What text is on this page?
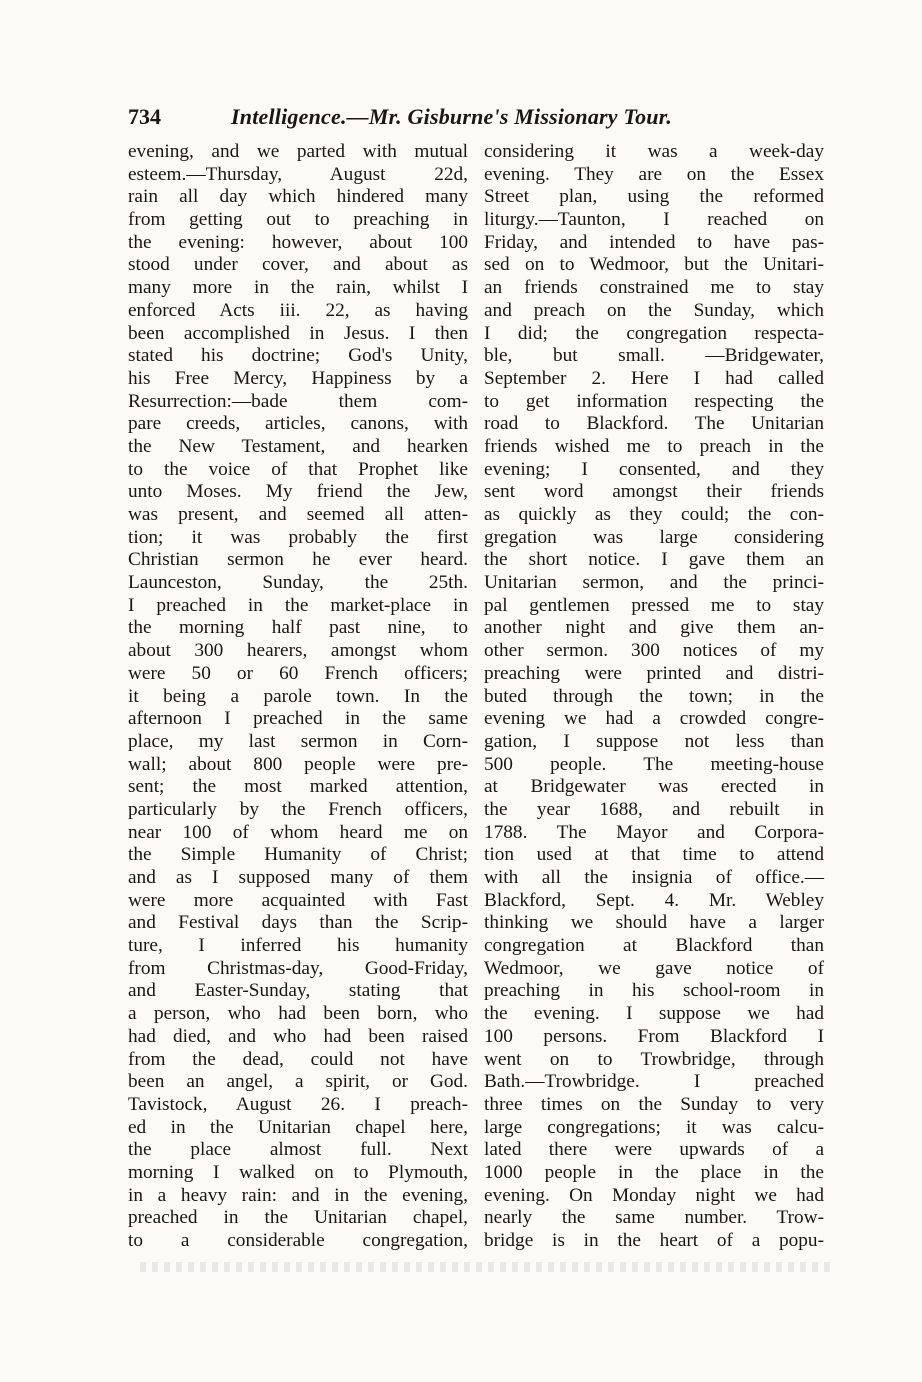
734	Intelligence.—Mr. Gisburne's Missionary Tour.
evening, and we parted with mutual
esteem.—Thursday, August 22d,
rain all day which hindered many
from getting out to preaching in
the evening: however, about 100
stood under cover, and about as
many more in the rain, whilst I
enforced Acts iii. 22, as having
been accomplished in Jesus. I then
stated his doctrine; God's Unity,
his Free Mercy, Happiness by a
Resurrection:—bade them com-
pare creeds, articles, canons, with
the New Testament, and hearken
to the voice of that Prophet like
unto Moses. My friend the Jew,
was present, and seemed all atten-
tion; it was probably the first
Christian sermon he ever heard.
Launceston, Sunday, the 25th.
I preached in the market-place in
the morning half past nine, to
about 300 hearers, amongst whom
were 50 or 60 French officers;
it being a parole town. In the
afternoon I preached in the same
place, my last sermon in Corn-
wall; about 800 people were pre-
sent; the most marked attention,
particularly by the French officers,
near 100 of whom heard me on
the Simple Humanity of Christ;
and as I supposed many of them
were more acquainted with Fast
and Festival days than the Scrip-
ture, I inferred his humanity
from Christmas-day, Good-Friday,
and Easter-Sunday, stating that
a person, who had been born, who
had died, and who had been raised
from the dead, could not have
been an angel, a spirit, or God.
Tavistock, August 26. I preach-
ed in the Unitarian chapel here,
the place almost full. Next
morning I walked on to Plymouth,
in a heavy rain: and in the evening,
preached in the Unitarian chapel,
to a considerable congregation,
considering it was a week-day
evening. They are on the Essex
Street plan, using the reformed
liturgy.—Taunton, I reached on
Friday, and intended to have pas-
sed on to Wedmoor, but the Unitari-
an friends constrained me to stay
and preach on the Sunday, which
I did; the congregation respecta-
ble, but small. —Bridgewater,
September 2. Here I had called
to get information respecting the
road to Blackford. The Unitarian
friends wished me to preach in the
evening; I consented, and they
sent word amongst their friends
as quickly as they could; the con-
gregation was large considering
the short notice. I gave them an
Unitarian sermon, and the princi-
pal gentlemen pressed me to stay
another night and give them an-
other sermon. 300 notices of my
preaching were printed and distri-
buted through the town; in the
evening we had a crowded congre-
gation, I suppose not less than
500 people. The meeting-house
at Bridgewater was erected in
the year 1688, and rebuilt in
1788. The Mayor and Corpora-
tion used at that time to attend
with all the insignia of office.—
Blackford, Sept. 4. Mr. Webley
thinking we should have a larger
congregation at Blackford than
Wedmoor, we gave notice of
preaching in his school-room in
the evening. I suppose we had
100 persons. From Blackford I
went on to Trowbridge, through
Bath.—Trowbridge. I preached
three times on the Sunday to very
large congregations; it was calcu-
lated there were upwards of a
1000 people in the place in the
evening. On Monday night we had
nearly the same number. Trow-
bridge is in the heart of a popu-
